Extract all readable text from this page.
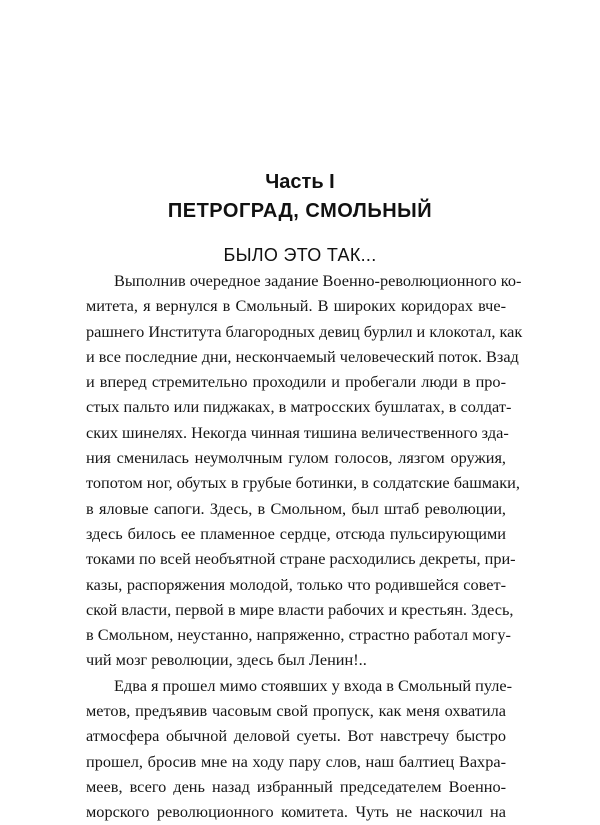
Часть I
ПЕТРОГРАД, СМОЛЬНЫЙ
БЫЛО ЭТО ТАК...
Выполнив очередное задание Военно-революционного ко-
митета, я вернулся в Смольный. В широких коридорах вче-
рашнего Института благородных девиц бурлил и клокотал, как
и все последние дни, нескончаемый человеческий поток. Взад
и вперед стремительно проходили и пробегали люди в про-
стых пальто или пиджаках, в матросских бушлатах, в солдат-
ских шинелях. Некогда чинная тишина величественного зда-
ния сменилась неумолчным гулом голосов, лязгом оружия,
топотом ног, обутых в грубые ботинки, в солдатские башмаки,
в яловые сапоги. Здесь, в Смольном, был штаб революции,
здесь билось ее пламенное сердце, отсюда пульсирующими
токами по всей необъятной стране расходились декреты, при-
казы, распоряжения молодой, только что родившейся совет-
ской власти, первой в мире власти рабочих и крестьян. Здесь,
в Смольном, неустанно, напряженно, страстно работал могу-
чий мозг революции, здесь был Ленин!..
Едва я прошел мимо стоявших у входа в Смольный пуле-
метов, предъявив часовым свой пропуск, как меня охватила
атмосфера обычной деловой суеты. Вот навстречу быстро
прошел, бросив мне на ходу пару слов, наш балтиец Вахра-
меев, всего день назад избранный председателем Военно-
морского революционного комитета. Чуть не наскочил на
